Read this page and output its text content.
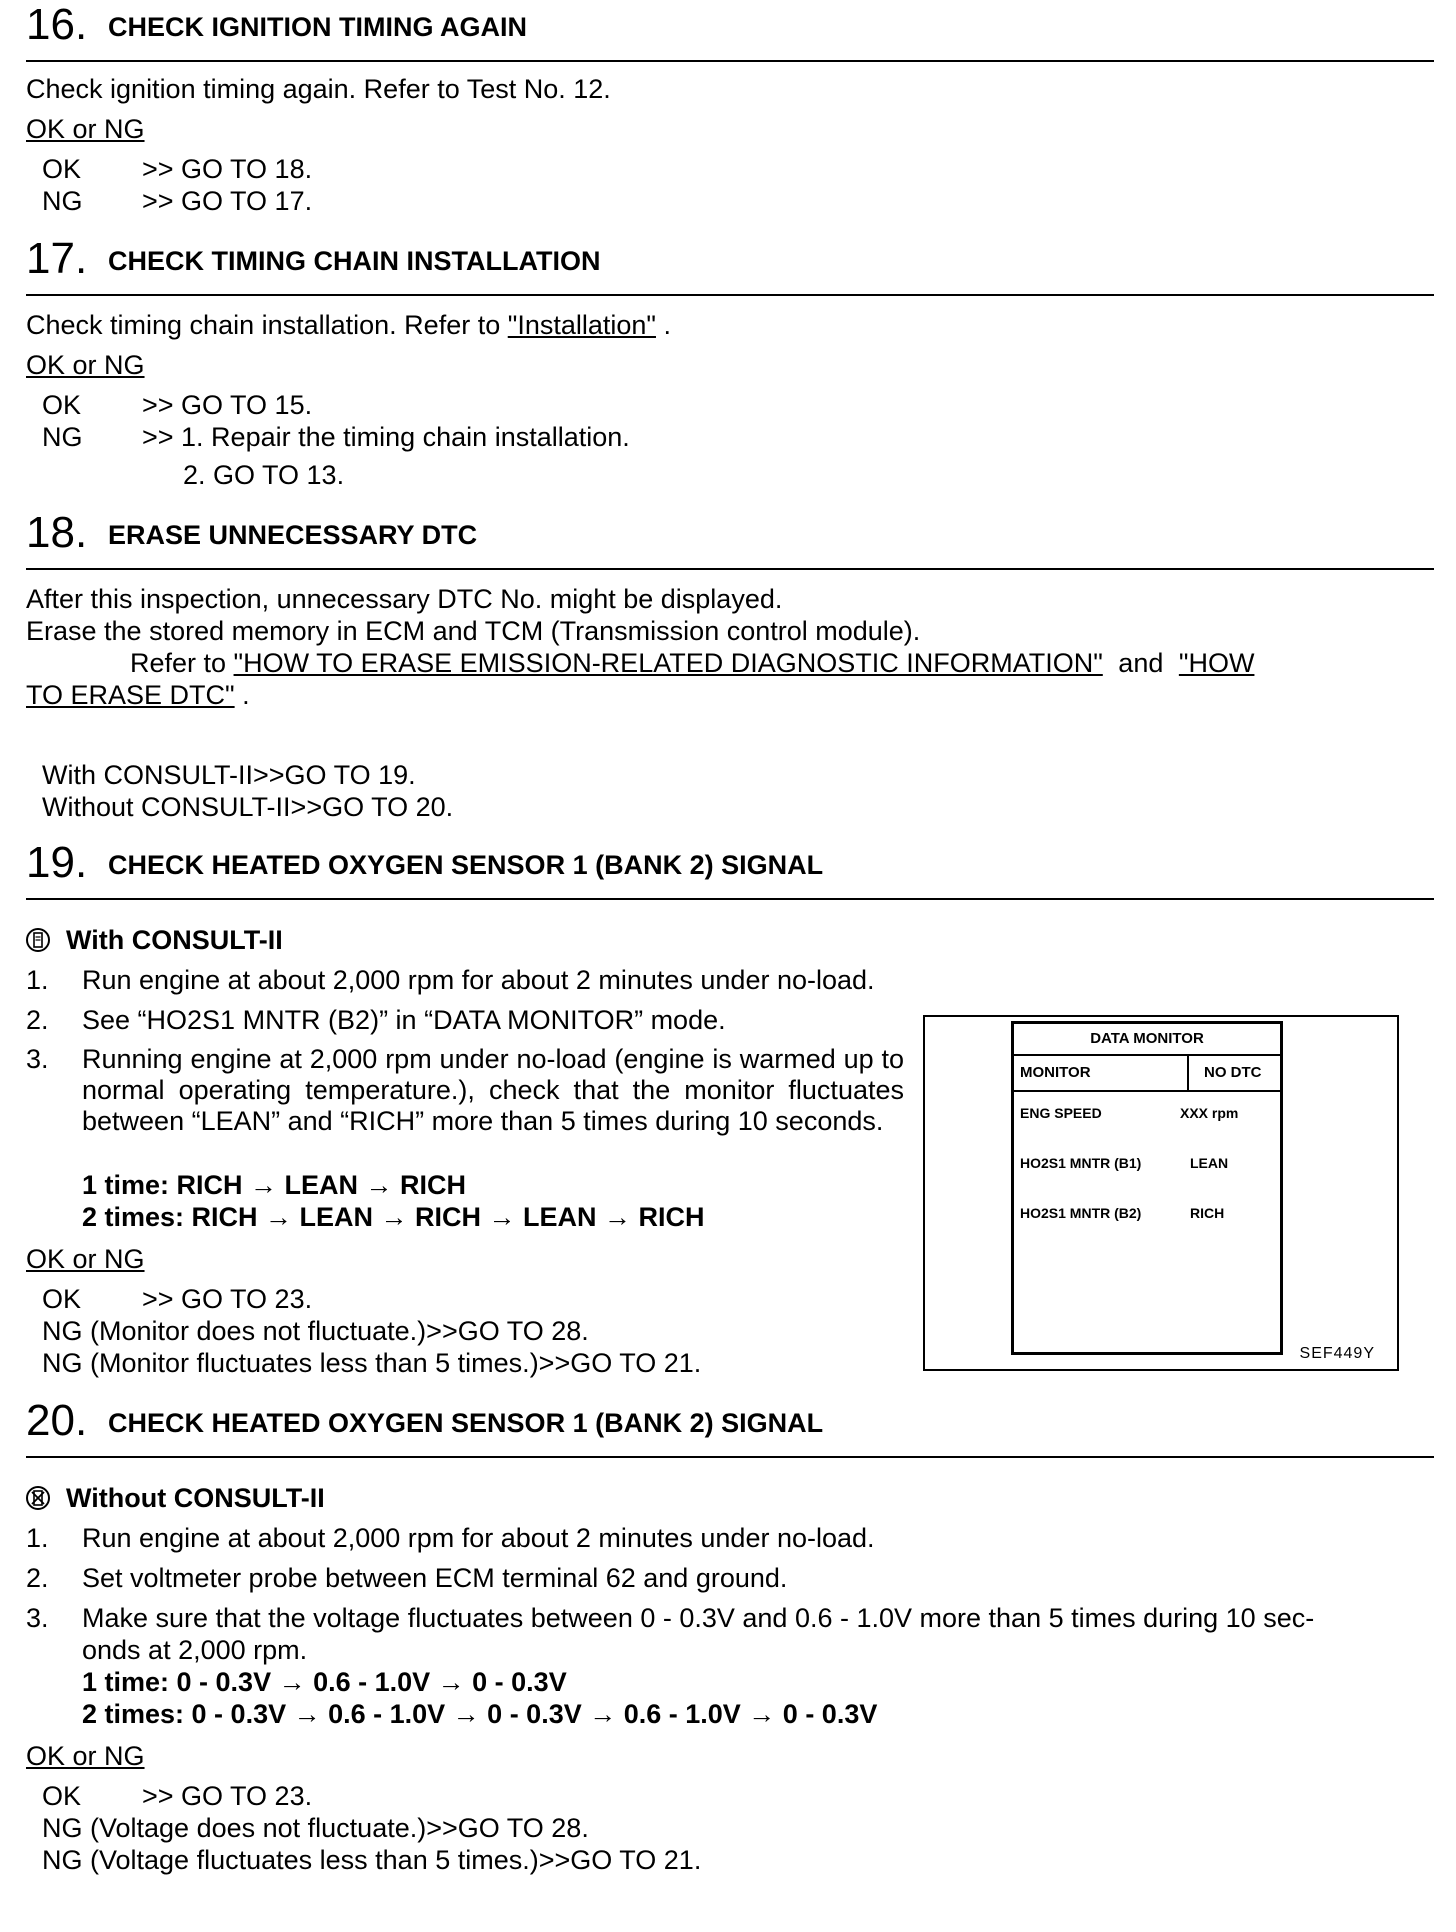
16. CHECK IGNITION TIMING AGAIN
Check ignition timing again. Refer to Test No. 12.
OK or NG
OK >> GO TO 18.
NG >> GO TO 17.
17. CHECK TIMING CHAIN INSTALLATION
Check timing chain installation. Refer to "Installation" .
OK or NG
OK >> GO TO 15.
NG >> 1. Repair the timing chain installation.
2. GO TO 13.
18. ERASE UNNECESSARY DTC
After this inspection, unnecessary DTC No. might be displayed.
Erase the stored memory in ECM and TCM (Transmission control module).
Refer to "HOW TO ERASE EMISSION-RELATED DIAGNOSTIC INFORMATION" and "HOW
TO ERASE DTC" .
With CONSULT-II>>GO TO 19.
Without CONSULT-II>>GO TO 20.
19. CHECK HEATED OXYGEN SENSOR 1 (BANK 2) SIGNAL
With CONSULT-II
1.	Run engine at about 2,000 rpm for about 2 minutes under no-load.
2.	See “HO2S1 MNTR (B2)” in “DATA MONITOR” mode.
3.	Running engine at 2,000 rpm under no-load (engine is warmed up to normal operating temperature.), check that the monitor fluctuates between “LEAN” and “RICH” more than 5 times during 10 seconds.
1 time: RICH → LEAN → RICH
2 times: RICH → LEAN → RICH → LEAN → RICH
OK or NG
OK >> GO TO 23.
NG (Monitor does not fluctuate.)>>GO TO 28.
NG (Monitor fluctuates less than 5 times.)>>GO TO 21.
DATA MONITOR
MONITOR	NO DTC
ENG SPEED	XXX rpm
HO2S1 MNTR (B1)	LEAN
HO2S1 MNTR (B2)	RICH
SEF449Y
20. CHECK HEATED OXYGEN SENSOR 1 (BANK 2) SIGNAL
Without CONSULT-II
1.	Run engine at about 2,000 rpm for about 2 minutes under no-load.
2.	Set voltmeter probe between ECM terminal 62 and ground.
3.	Make sure that the voltage fluctuates between 0 - 0.3V and 0.6 - 1.0V more than 5 times during 10 sec-
onds at 2,000 rpm.
1 time: 0 - 0.3V → 0.6 - 1.0V → 0 - 0.3V
2 times: 0 - 0.3V → 0.6 - 1.0V → 0 - 0.3V → 0.6 - 1.0V → 0 - 0.3V
OK or NG
OK >> GO TO 23.
NG (Voltage does not fluctuate.)>>GO TO 28.
NG (Voltage fluctuates less than 5 times.)>>GO TO 21.
